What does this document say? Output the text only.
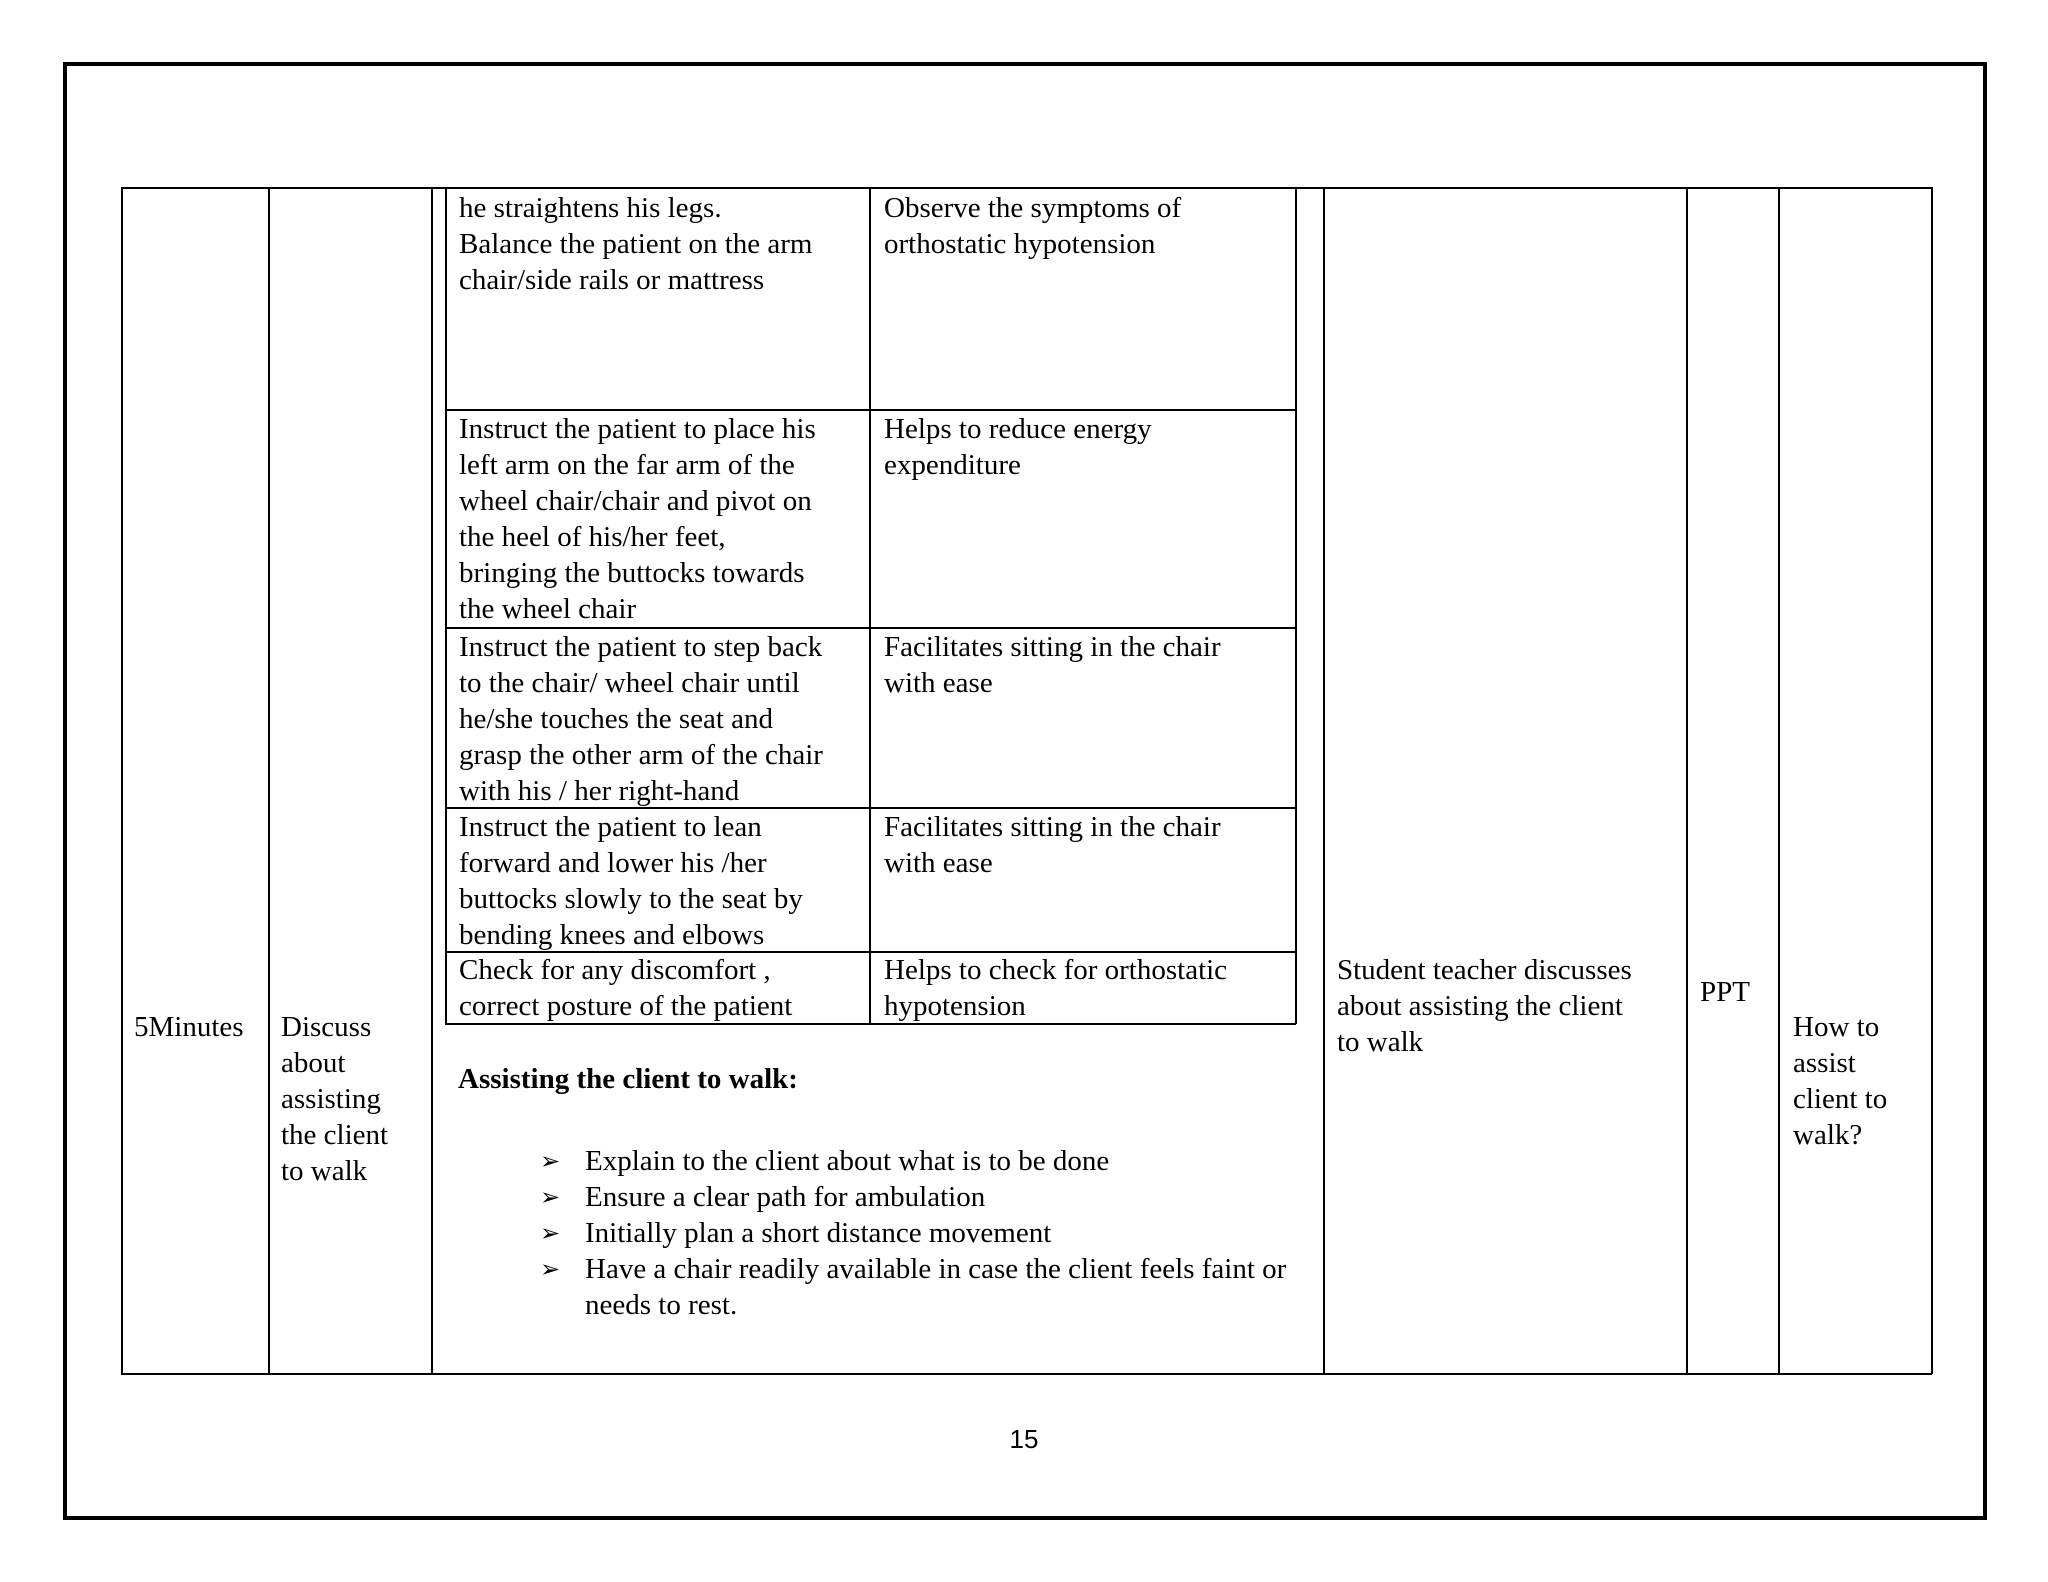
he straightens his legs.
Balance the patient on the arm
chair/side rails or mattress
Observe the symptoms of
orthostatic hypotension
Instruct the patient to place his
left arm on the far arm of the
wheel chair/chair and pivot on
the heel of his/her feet,
bringing the buttocks towards
the wheel chair
Helps to reduce energy
expenditure
Instruct the patient to step back
to the chair/ wheel chair until
he/she touches the seat and
grasp the other arm of the chair
with his / her right-hand
Facilitates sitting in the chair
with ease
Instruct the patient to lean
forward and lower his /her
buttocks slowly to the seat by
bending knees and elbows
Facilitates sitting in the chair
with ease
Check for any discomfort ,
correct posture of the patient
Helps to check for orthostatic
hypotension
5Minutes Discuss
about
assisting
the client
to walk
Assisting the client to walk:
➢ Explain to the client about what is to be done
➢ Ensure a clear path for ambulation
➢ Initially plan a short distance movement
➢ Have a chair readily available in case the client feels faint or needs to rest.
Student teacher discusses
about assisting the client
to walk
PPT
How to
assist
client to
walk?
15
